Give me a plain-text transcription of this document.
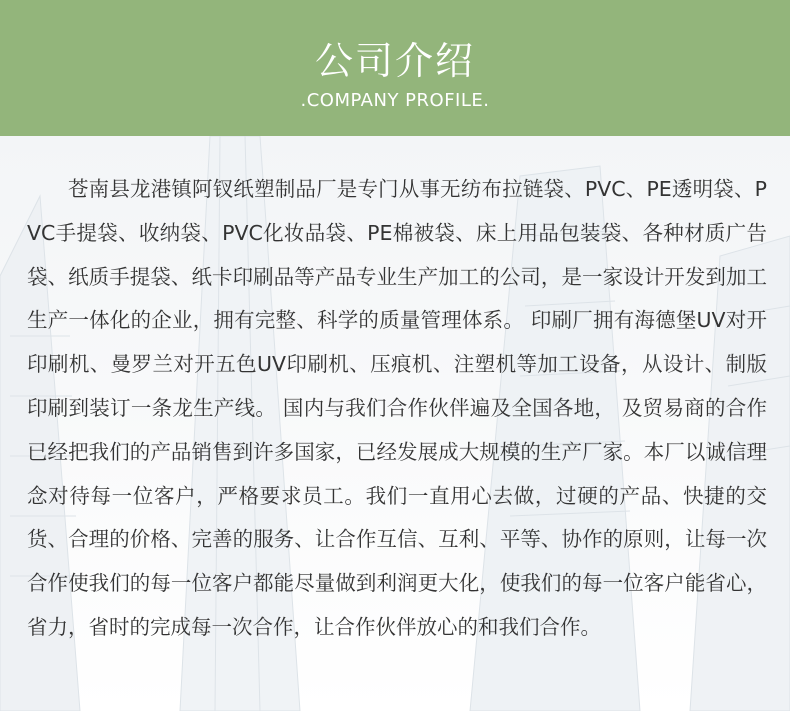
公司介绍
.COMPANY PROFILE.
苍南县龙港镇阿钗纸塑制品厂是专门从事无纺布拉链袋、PVC、PE透明袋、PVC手提袋、收纳袋、PVC化妆品袋、PE棉被袋、床上用品包装袋、各种材质广告袋、纸质手提袋、纸卡印刷品等产品专业生产加工的公司，是一家设计开发到加工生产一体化的企业，拥有完整、科学的质量管理体系。 印刷厂拥有海德堡UV对开印刷机、曼罗兰对开五色UV印刷机、压痕机、注塑机等加工设备，从设计、制版印刷到装订一条龙生产线。 国内与我们合作伙伴遍及全国各地， 及贸易商的合作已经把我们的产品销售到许多国家，已经发展成大规模的生产厂家。本厂以诚信理念对待每一位客户，严格要求员工。我们一直用心去做，过硬的产品、快捷的交货、合理的价格、完善的服务、让合作互信、互利、平等、协作的原则，让每一次合作使我们的每一位客户都能尽量做到利润更大化，使我们的每一位客户能省心，省力，省时的完成每一次合作，让合作伙伴放心的和我们合作。
